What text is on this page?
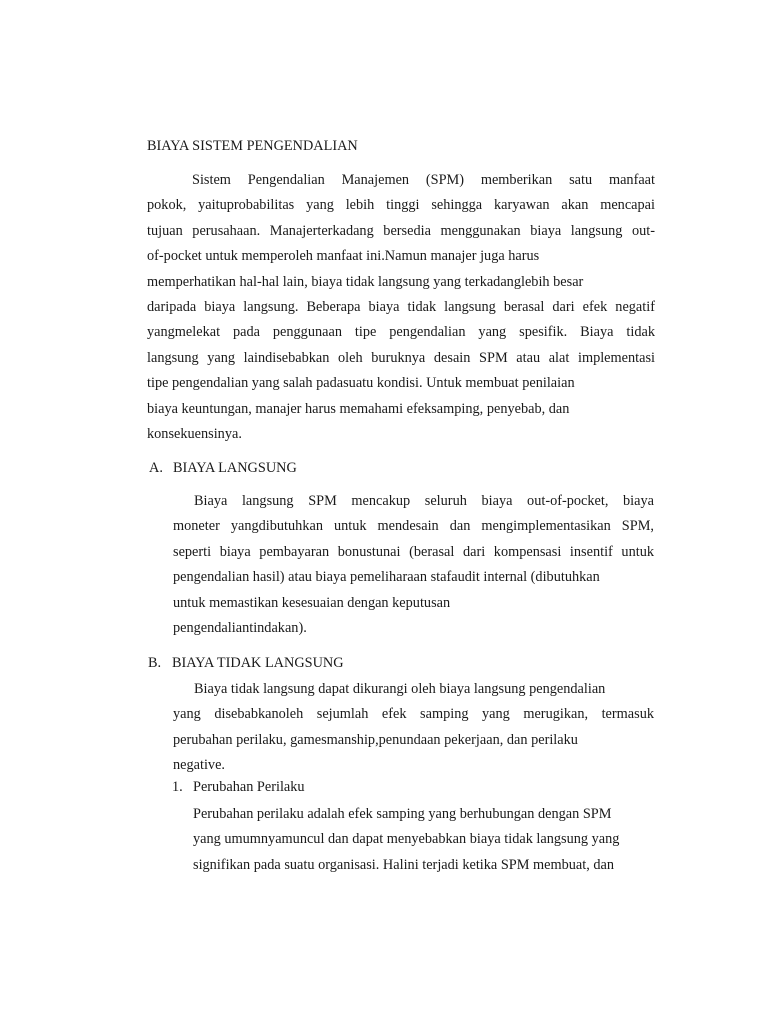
BIAYA SISTEM PENGENDALIAN
Sistem Pengendalian Manajemen (SPM) memberikan satu manfaat
pokok, yaituprobabilitas yang lebih tinggi sehingga karyawan akan mencapai
tujuan perusahaan. Manajerterkadang bersedia menggunakan biaya langsung out-
of-pocket untuk memperoleh manfaat ini.Namun manajer juga harus
memperhatikan hal-hal lain, biaya tidak langsung yang terkadanglebih besar
daripada biaya langsung. Beberapa biaya tidak langsung berasal dari efek negatif
yangmelekat pada penggunaan tipe pengendalian yang spesifik. Biaya tidak
langsung yang laindisebabkan oleh buruknya desain SPM atau alat implementasi
tipe pengendalian yang salah padasuatu kondisi. Untuk membuat penilaian
biaya keuntungan, manajer harus memahami efeksamping, penyebab, dan
konsekuensinya.
A. BIAYA LANGSUNG
Biaya langsung SPM mencakup seluruh biaya out-of-pocket, biaya
moneter yangdibutuhkan untuk mendesain dan mengimplementasikan SPM,
seperti biaya pembayaran bonustunai (berasal dari kompensasi insentif untuk
pengendalian hasil) atau biaya pemeliharaan stafaudit internal (dibutuhkan
untuk memastikan kesesuaian dengan keputusan
pengendaliantindakan).
B. BIAYA TIDAK LANGSUNG
Biaya tidak langsung dapat dikurangi oleh biaya langsung pengendalian
yang disebabkanoleh sejumlah efek samping yang merugikan, termasuk
perubahan perilaku, gamesmanship,penundaan pekerjaan, dan perilaku
negative.
1. Perubahan Perilaku
Perubahan perilaku adalah efek samping yang berhubungan dengan SPM
yang umumnyamuncul dan dapat menyebabkan biaya tidak langsung yang
signifikan pada suatu organisasi. Halini terjadi ketika SPM membuat, dan
